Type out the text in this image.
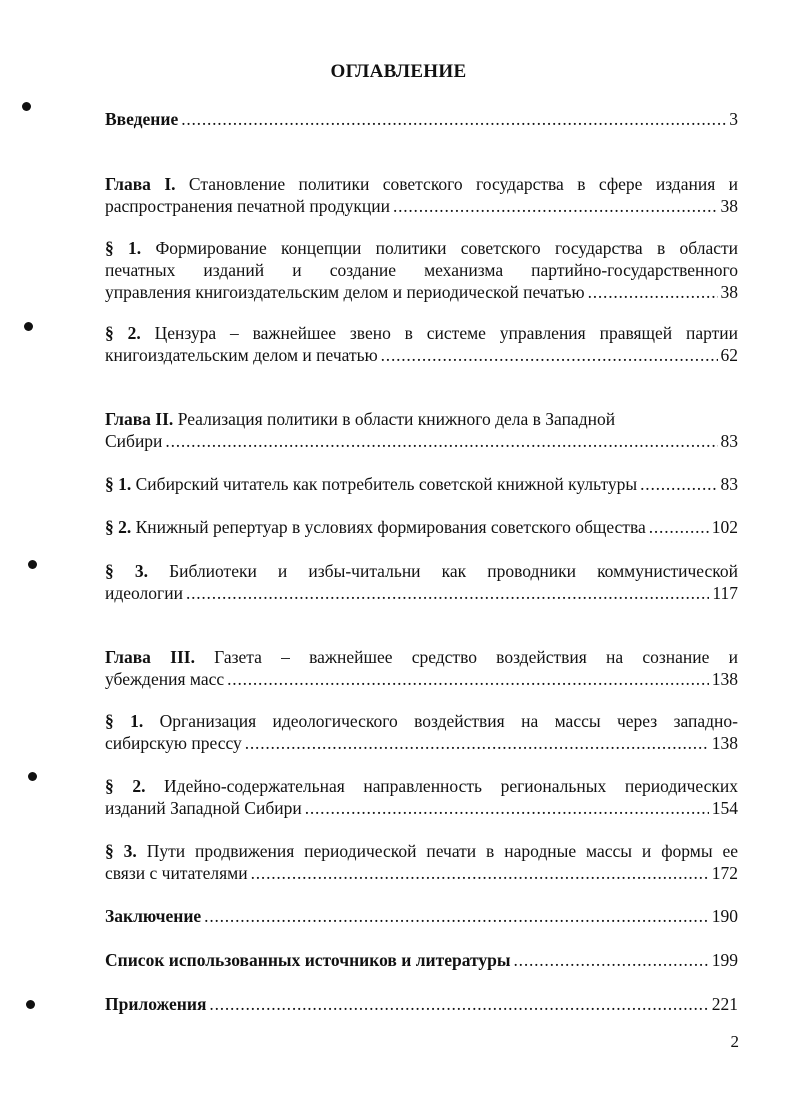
ОГЛАВЛЕНИЕ

Введение . . .	3

Глава I. Становление политики советского государства в сфере издания и

распространения печатной продукции . . .	38

§ 1. Формирование концепции политики советского государства в области

печатных изданий и создание механизма партийно-государственного

управления книгоиздательским делом и периодической печатью . . .	38

§ 2. Цензура – важнейшее звено в системе управления правящей партии

книгоиздательским делом и печатью . . .	62

Глава II. Реализация политики в области книжного дела в Западной

Сибири . . .	83

§ 1. Сибирский читатель как потребитель советской книжной культуры . . .	83

§ 2. Книжный репертуар в условиях формирования советского общества . . .	102

§ 3. Библиотеки и избы-читальни как проводники коммунистической

идеологии . . .	117

Глава III. Газета – важнейшее средство воздействия на сознание и

убеждения масс . . .	138

§ 1. Организация идеологического воздействия на массы через западно-

сибирскую прессу . . .	138

§ 2. Идейно-содержательная направленность региональных периодических

изданий Западной Сибири . . .	154

§ 3. Пути продвижения периодической печати в народные массы и формы ее

связи с читателями . . .	172

Заключение . . .	190

Список использованных источников и литературы . . .	199

Приложения . . .	221

2
